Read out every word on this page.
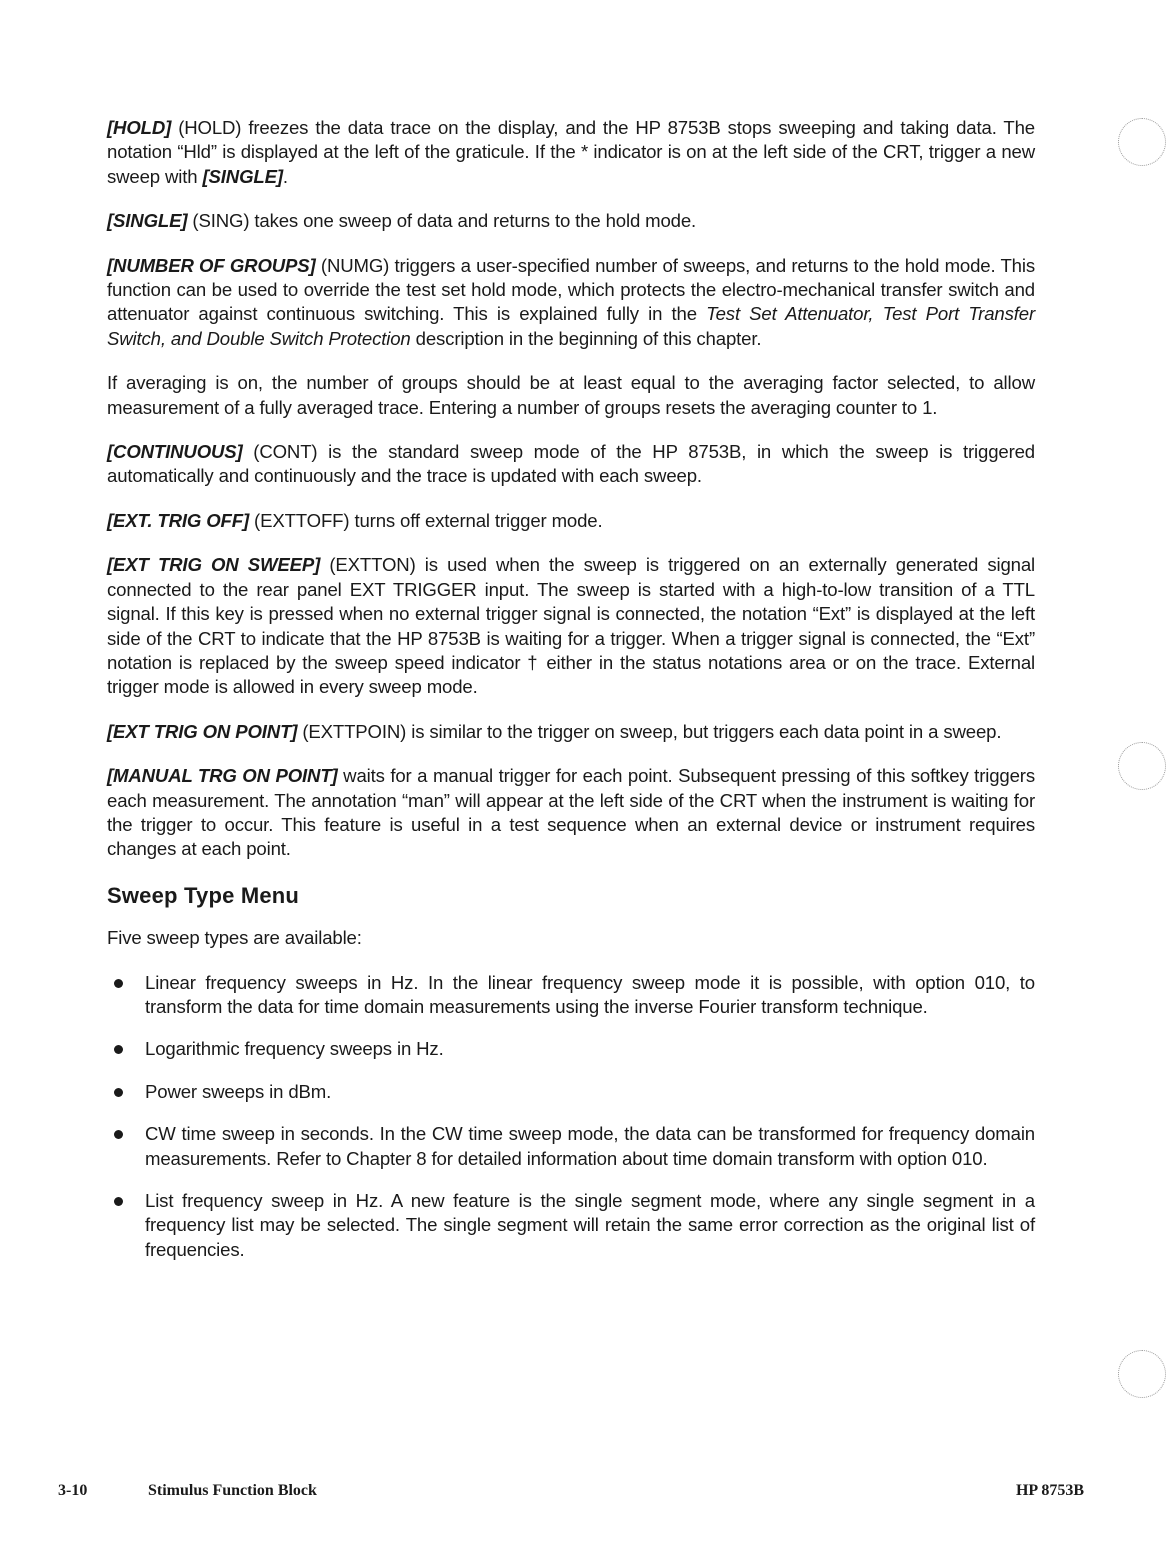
[HOLD] (HOLD) freezes the data trace on the display, and the HP 8753B stops sweeping and taking data. The notation “Hld” is displayed at the left of the graticule. If the * indicator is on at the left side of the CRT, trigger a new sweep with [SINGLE].

[SINGLE] (SING) takes one sweep of data and returns to the hold mode.

[NUMBER OF GROUPS] (NUMG) triggers a user-specified number of sweeps, and returns to the hold mode. This function can be used to override the test set hold mode, which protects the electro-mechanical transfer switch and attenuator against continuous switching. This is explained fully in the Test Set Attenuator, Test Port Transfer Switch, and Double Switch Protection description in the beginning of this chapter.

If averaging is on, the number of groups should be at least equal to the averaging factor selected, to allow measurement of a fully averaged trace. Entering a number of groups resets the averaging counter to 1.

[CONTINUOUS] (CONT) is the standard sweep mode of the HP 8753B, in which the sweep is triggered automatically and continuously and the trace is updated with each sweep.

[EXT. TRIG OFF] (EXTTOFF) turns off external trigger mode.

[EXT TRIG ON SWEEP] (EXTTON) is used when the sweep is triggered on an externally generated signal connected to the rear panel EXT TRIGGER input. The sweep is started with a high-to-low transition of a TTL signal. If this key is pressed when no external trigger signal is connected, the notation “Ext” is displayed at the left side of the CRT to indicate that the HP 8753B is waiting for a trigger. When a trigger signal is connected, the “Ext” notation is replaced by the sweep speed indicator † either in the status notations area or on the trace. External trigger mode is allowed in every sweep mode.

[EXT TRIG ON POINT] (EXTTPOIN) is similar to the trigger on sweep, but triggers each data point in a sweep.

[MANUAL TRG ON POINT] waits for a manual trigger for each point. Subsequent pressing of this softkey triggers each measurement. The annotation “man” will appear at the left side of the CRT when the instrument is waiting for the trigger to occur. This feature is useful in a test sequence when an external device or instrument requires changes at each point.

Sweep Type Menu

Five sweep types are available:

Linear frequency sweeps in Hz. In the linear frequency sweep mode it is possible, with option 010, to transform the data for time domain measurements using the inverse Fourier transform technique.
Logarithmic frequency sweeps in Hz.
Power sweeps in dBm.
CW time sweep in seconds. In the CW time sweep mode, the data can be transformed for frequency domain measurements. Refer to Chapter 8 for detailed information about time domain transform with option 010.
List frequency sweep in Hz. A new feature is the single segment mode, where any single segment in a frequency list may be selected. The single segment will retain the same error correction as the original list of frequencies.
3-10	Stimulus Function Block	HP 8753B
